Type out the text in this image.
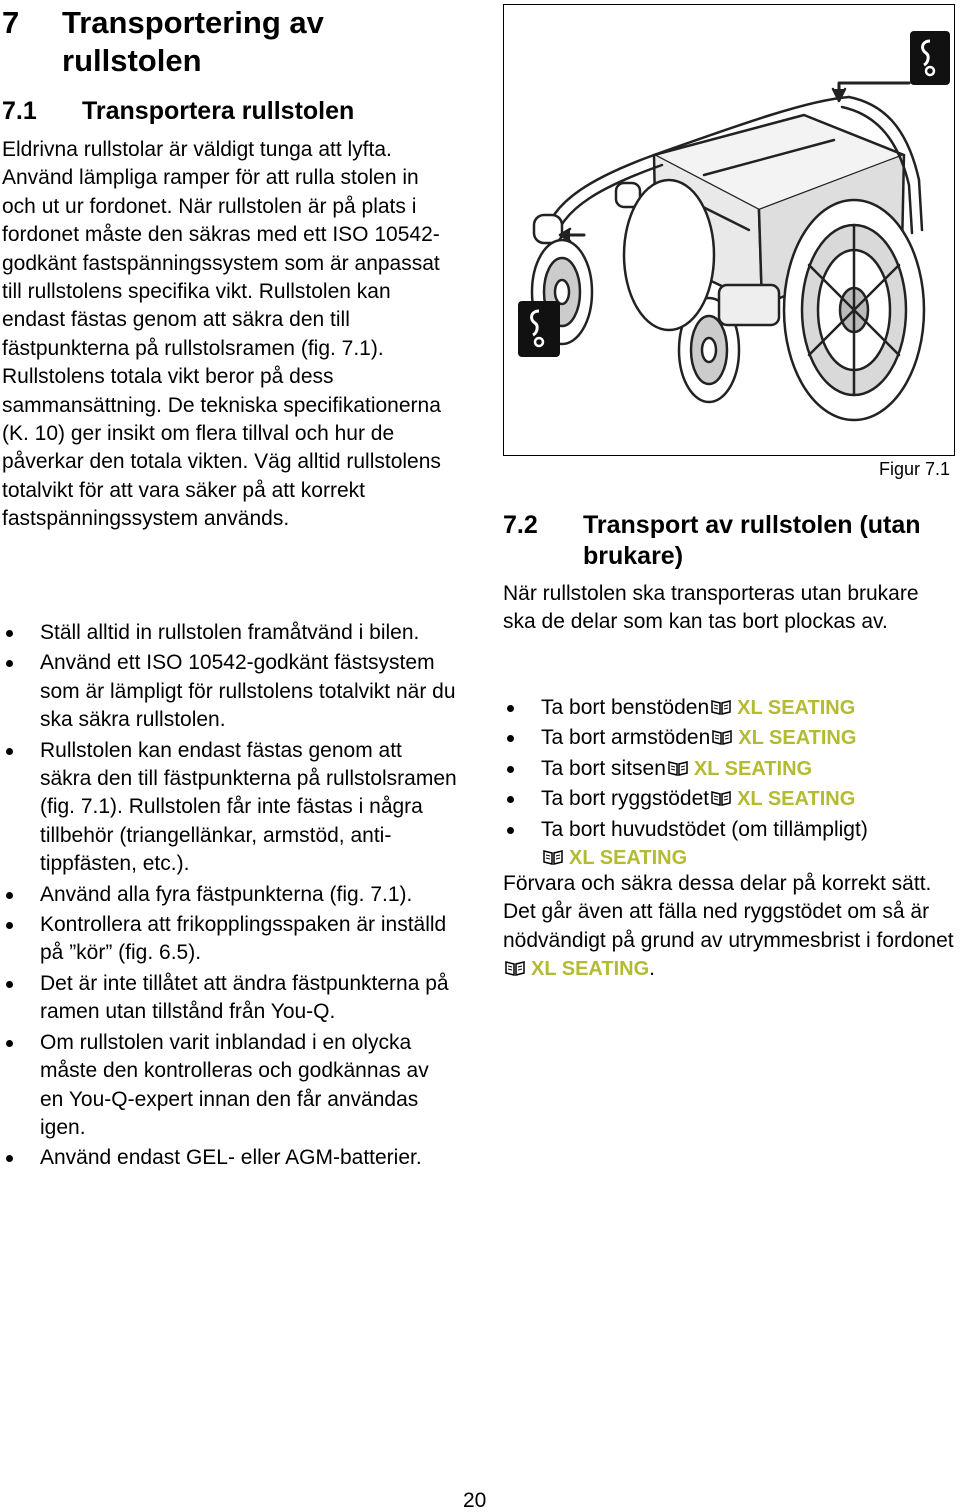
7 Transportering av rullstolen
7.1 Transportera rullstolen

Eldrivna rullstolar är väldigt tunga att lyfta. Använd lämpliga ramper för att rulla stolen in och ut ur fordonet. När rullstolen är på plats i fordonet måste den säkras med ett ISO 10542-godkänt fastspänningssystem som är anpassat till rullstolens specifika vikt. Rullstolen kan endast fästas genom att säkra den till fästpunkterna på rullstolsramen (fig. 7.1). Rullstolens totala vikt beror på dess sammansättning. De tekniska specifikationerna (K. 10) ger insikt om flera tillval och hur de påverkar den totala vikten. Väg alltid rullstolens totalvikt för att vara säker på att korrekt fastspänningssystem används.

Ställ alltid in rullstolen framåtvänd i bilen.
Använd ett ISO 10542-godkänt fästsystem som är lämpligt för rullstolens totalvikt när du ska säkra rullstolen.
Rullstolen kan endast fästas genom att säkra den till fästpunkterna på rullstolsramen (fig. 7.1). Rullstolen får inte fästas i några tillbehör (triangellänkar, armstöd, anti-tippfästen, etc.).
Använd alla fyra fästpunkterna (fig. 7.1).
Kontrollera att frikopplingsspaken är inställd på ”kör” (fig. 6.5).
Det är inte tillåtet att ändra fästpunkterna på ramen utan tillstånd från You-Q.
Om rullstolen varit inblandad i en olycka måste den kontrolleras och godkännas av en You-Q-expert innan den får användas igen.
Använd endast GEL- eller AGM-batterier.
Figur 7.1
7.2 Transport av rullstolen (utan brukare)

När rullstolen ska transporteras utan brukare ska de delar som kan tas bort plockas av.

Ta bort benstöden XL SEATING
Ta bort armstöden XL SEATING
Ta bort sitsen XL SEATING
Ta bort ryggstödet XL SEATING
Ta bort huvudstödet (om tillämpligt)
XL SEATING

Förvara och säkra dessa delar på korrekt sätt. Det går även att fälla ned ryggstödet om så är nödvändigt på grund av utrymmesbrist i fordonet XL SEATING.

20
